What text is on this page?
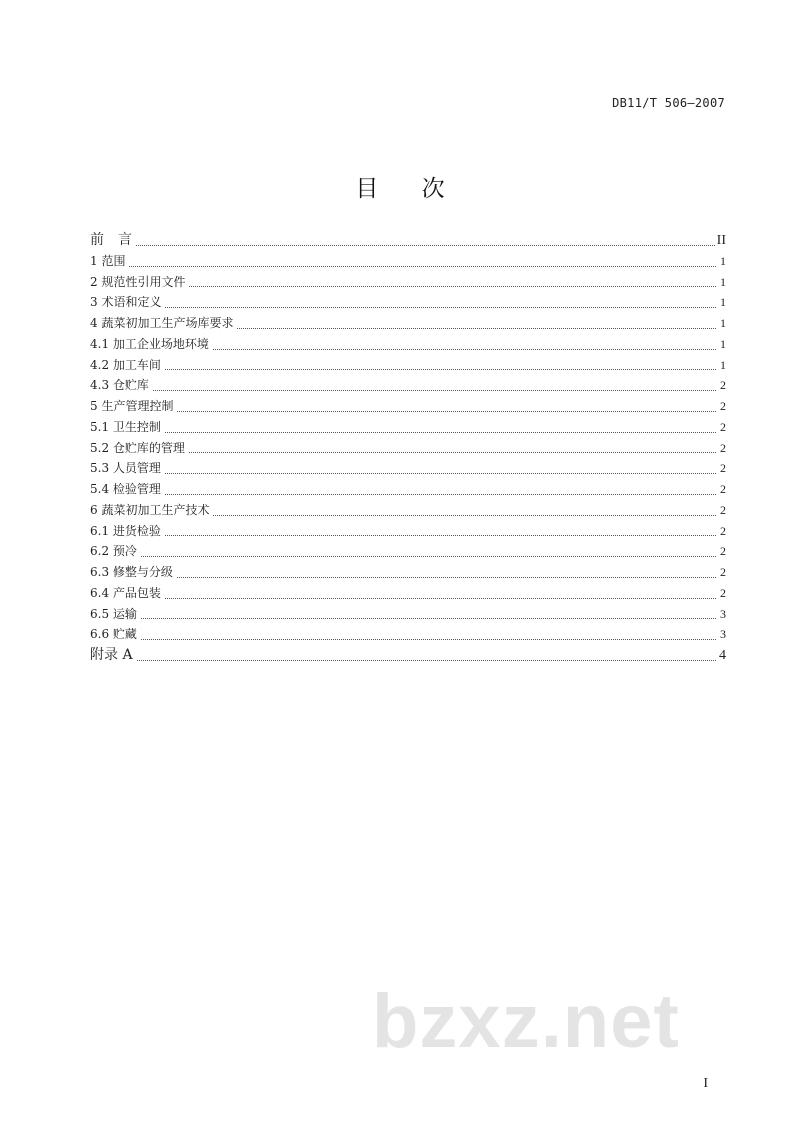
DB11/T 506—2007
目 次
前　言	II
1 范围	1
2 规范性引用文件	1
3 术语和定义	1
4 蔬菜初加工生产场库要求	1
4.1 加工企业场地环境	1
4.2 加工车间	1
4.3 仓贮库	2
5 生产管理控制	2
5.1 卫生控制	2
5.2 仓贮库的管理	2
5.3 人员管理	2
5.4 检验管理	2
6 蔬菜初加工生产技术	2
6.1 进货检验	2
6.2 预冷	2
6.3 修整与分级	2
6.4 产品包装	2
6.5 运输	3
6.6 贮藏	3
附录 A	4
bzxz.net
I
